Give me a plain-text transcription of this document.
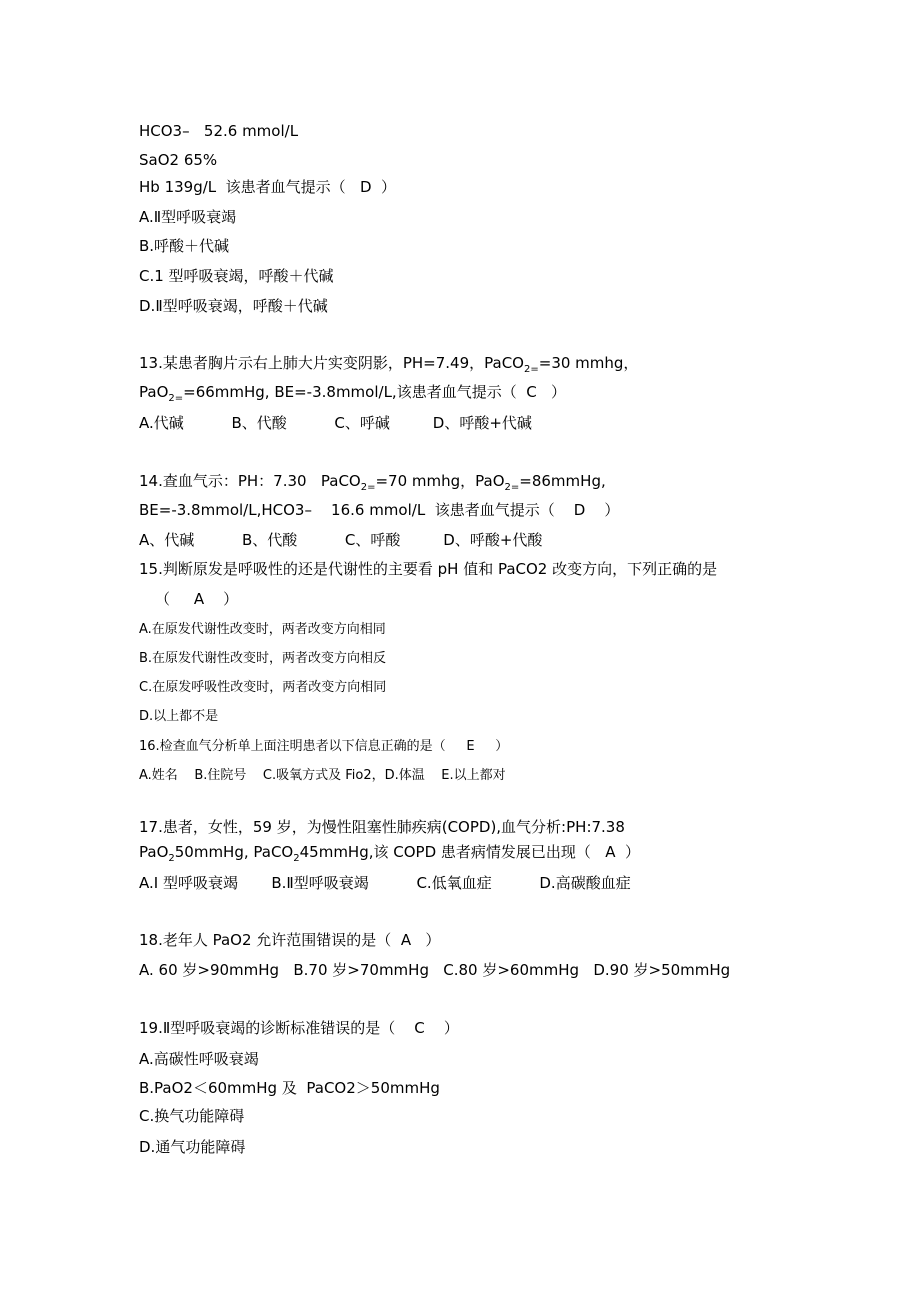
HCO3–   52.6 mmol/L
SaO2 65%
Hb 139g/L  该患者血气提示（   D  ）
A.Ⅱ型呼吸衰竭
B.呼酸＋代碱
C.1 型呼吸衰竭，呼酸＋代碱
D.Ⅱ型呼吸衰竭，呼酸＋代碱
13.某患者胸片示右上肺大片实变阴影，PH=7.49，PaCO$_{2=}$=30 mmhg，
PaO$_{2=}$=66mmHg, BE=-3.8mmol/L,该患者血气提示（  C   ）
A.代碱          B、代酸          C、呼碱         D、呼酸+代碱
14.查血气示：PH：7.30   PaCO$_{2=}$=70 mmhg，PaO$_{2=}$=86mmHg,
BE=-3.8mmol/L,HCO3–    16.6 mmol/L  该患者血气提示（    D    ）
A、代碱          B、代酸          C、呼酸         D、呼酸+代酸
15.判断原发是呼吸性的还是代谢性的主要看 pH 值和 PaCO2 改变方向，下列正确的是
（     A    ）
A.在原发代谢性改变时，两者改变方向相同
B.在原发代谢性改变时，两者改变方向相反
C.在原发呼吸性改变时，两者改变方向相同
D.以上都不是
16.检查血气分析单上面注明患者以下信息正确的是（     E     ）
A.姓名    B.住院号    C.吸氧方式及 Fio2，D.体温    E.以上都对
17.患者，女性，59 岁，为慢性阻塞性肺疾病(COPD),血气分析:PH:7.38
PaO$_2$50mmHg, PaCO$_2$45mmHg,该 COPD 患者病情发展已出现（   A  ）
A.I 型呼吸衰竭       B.Ⅱ型呼吸衰竭          C.低氧血症          D.高碳酸血症
18.老年人 PaO2 允许范围错误的是（  A   ）
A. 60 岁>90mmHg   B.70 岁>70mmHg   C.80 岁>60mmHg   D.90 岁>50mmHg
19.Ⅱ型呼吸衰竭的诊断标准错误的是（    C    ）
A.高碳性呼吸衰竭
B.PaO2＜60mmHg 及  PaCO2＞50mmHg
C.换气功能障碍
D.通气功能障碍
